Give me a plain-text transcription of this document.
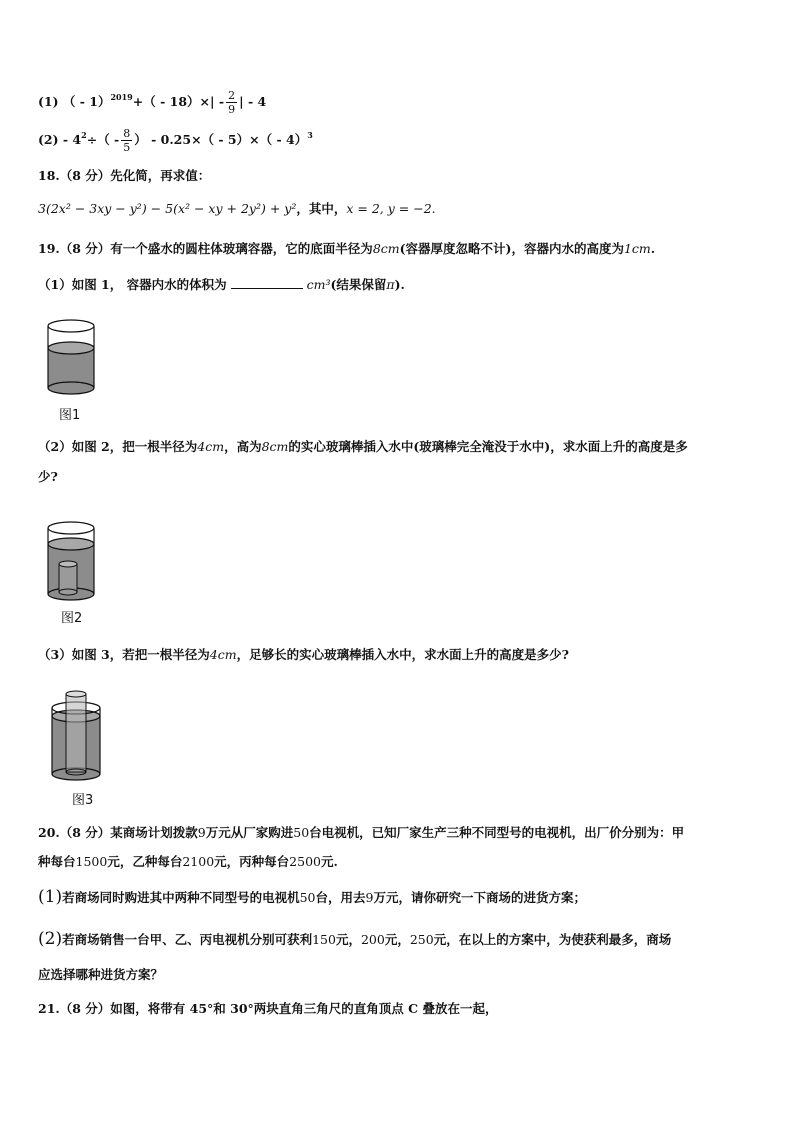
(1) （ - $1)^{2019}+( - 18)\times| - \frac{2}{9}$ | - 4
$(2) - 4^2\div( - \frac{8}{5}$ ） - 0.25×（ - 5）×（ - 4）$^3$
18.（8 分）先化简，再求值：
3(2x² − 3xy − y²) − 5(x² − xy + 2y²) + y²，其中，x = 2, y = −2.
19.（8 分）有一个盛水的圆柱体玻璃容器，它的底面半径为8cm(容器厚度忽略不计)，容器内水的高度为1cm.
（1）如图 1， 容器内水的体积为	cm³(结果保留π).
图1
（2）如图 2，把一根半径为4cm，高为8cm的实心玻璃棒插入水中(玻璃棒完全淹没于水中)，求水面上升的高度是多
少?
图2
（3）如图 3，若把一根半径为4cm，足够长的实心玻璃棒插入水中，求水面上升的高度是多少?
图3
20.（8 分）某商场计划拨款9万元从厂家购进50台电视机，已知厂家生产三种不同型号的电视机，出厂价分别为：甲
种每台1500元，乙种每台2100元，丙种每台2500元.
(1)若商场同时购进其中两种不同型号的电视机50台，用去9万元，请你研究一下商场的进货方案；
(2)若商场销售一台甲、乙、丙电视机分别可获利150元，200元，250元，在以上的方案中，为使获利最多，商场
应选择哪种进货方案？
21.（8 分）如图，将带有 45°和 30°两块直角三角尺的直角顶点 C 叠放在一起，
